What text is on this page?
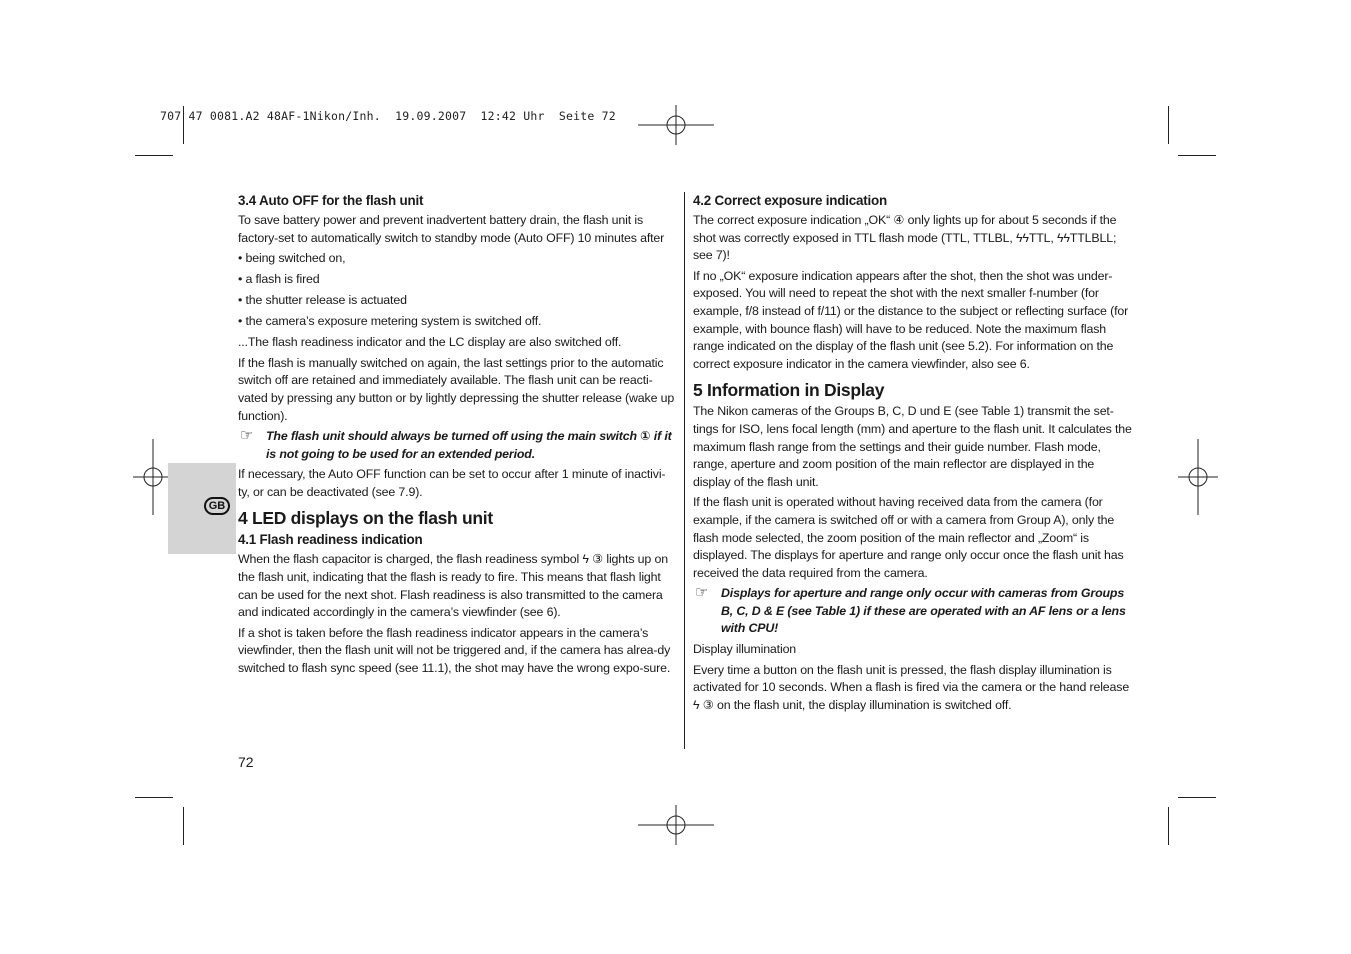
707 47 0081.A2 48AF-1Nikon/Inh.  19.09.2007  12:42 Uhr  Seite 72
GB
3.4 Auto OFF for the flash unit
To save battery power and prevent inadvertent battery drain, the flash unit is factory-set to automatically switch to standby mode (Auto OFF) 10 minutes after
• being switched on,
• a flash is fired
• the shutter release is actuated
• the camera’s exposure metering system is switched off.
...The flash readiness indicator and the LC display are also switched off.
If the flash is manually switched on again, the last settings prior to the automatic switch off are retained and immediately available. The flash unit can be reacti-vated by pressing any button or by lightly depressing the shutter release (wake up function).
☞ The flash unit should always be turned off using the main switch ① if it is not going to be used for an extended period.
If necessary, the Auto OFF function can be set to occur after 1 minute of inactivi-ty, or can be deactivated (see 7.9).
4 LED displays on the flash unit
4.1 Flash readiness indication
When the flash capacitor is charged, the flash readiness symbol ϟ ③ lights up on the flash unit, indicating that the flash is ready to fire. This means that flash light can be used for the next shot. Flash readiness is also transmitted to the camera and indicated accordingly in the camera’s viewfinder (see 6).
If a shot is taken before the flash readiness indicator appears in the camera’s viewfinder, then the flash unit will not be triggered and, if the camera has alrea-dy switched to flash sync speed (see 11.1), the shot may have the wrong expo-sure.
4.2 Correct exposure indication
The correct exposure indication „OK“ ④ only lights up for about 5 seconds if the shot was correctly exposed in TTL flash mode (TTL, TTLBL, ϟϟTTL, ϟϟTTLBLL; see 7)!
If no „OK“ exposure indication appears after the shot, then the shot was under-exposed. You will need to repeat the shot with the next smaller f-number (for example, f/8 instead of f/11) or the distance to the subject or reflecting surface (for example, with bounce flash) will have to be reduced. Note the maximum flash range indicated on the display of the flash unit (see 5.2). For information on the correct exposure indicator in the camera viewfinder, also see 6.
5 Information in Display
The Nikon cameras of the Groups B, C, D und E (see Table 1) transmit the set-tings for ISO, lens focal length (mm) and aperture to the flash unit. It calculates the maximum flash range from the settings and their guide number. Flash mode, range, aperture and zoom position of the main reflector are displayed in the display of the flash unit.
If the flash unit is operated without having received data from the camera (for example, if the camera is switched off or with a camera from Group A), only the flash mode selected, the zoom position of the main reflector and „Zoom“ is displayed. The displays for aperture and range only occur once the flash unit has received the data required from the camera.
☞ Displays for aperture and range only occur with cameras from Groups B, C, D & E (see Table 1) if these are operated with an AF lens or a lens with CPU!
Display illumination
Every time a button on the flash unit is pressed, the flash display illumination is activated for 10 seconds. When a flash is fired via the camera or the hand release ϟ ③ on the flash unit, the display illumination is switched off.
72
